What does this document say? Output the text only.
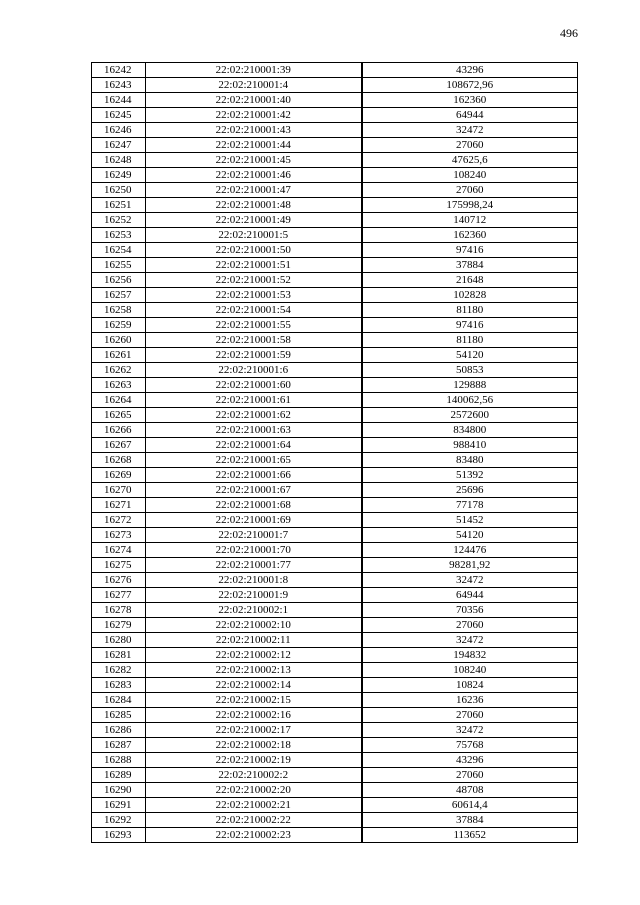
496
16242	22:02:210001:39	43296
16243	22:02:210001:4	108672,96
16244	22:02:210001:40	162360
16245	22:02:210001:42	64944
16246	22:02:210001:43	32472
16247	22:02:210001:44	27060
16248	22:02:210001:45	47625,6
16249	22:02:210001:46	108240
16250	22:02:210001:47	27060
16251	22:02:210001:48	175998,24
16252	22:02:210001:49	140712
16253	22:02:210001:5	162360
16254	22:02:210001:50	97416
16255	22:02:210001:51	37884
16256	22:02:210001:52	21648
16257	22:02:210001:53	102828
16258	22:02:210001:54	81180
16259	22:02:210001:55	97416
16260	22:02:210001:58	81180
16261	22:02:210001:59	54120
16262	22:02:210001:6	50853
16263	22:02:210001:60	129888
16264	22:02:210001:61	140062,56
16265	22:02:210001:62	2572600
16266	22:02:210001:63	834800
16267	22:02:210001:64	988410
16268	22:02:210001:65	83480
16269	22:02:210001:66	51392
16270	22:02:210001:67	25696
16271	22:02:210001:68	77178
16272	22:02:210001:69	51452
16273	22:02:210001:7	54120
16274	22:02:210001:70	124476
16275	22:02:210001:77	98281,92
16276	22:02:210001:8	32472
16277	22:02:210001:9	64944
16278	22:02:210002:1	70356
16279	22:02:210002:10	27060
16280	22:02:210002:11	32472
16281	22:02:210002:12	194832
16282	22:02:210002:13	108240
16283	22:02:210002:14	10824
16284	22:02:210002:15	16236
16285	22:02:210002:16	27060
16286	22:02:210002:17	32472
16287	22:02:210002:18	75768
16288	22:02:210002:19	43296
16289	22:02:210002:2	27060
16290	22:02:210002:20	48708
16291	22:02:210002:21	60614,4
16292	22:02:210002:22	37884
16293	22:02:210002:23	113652
